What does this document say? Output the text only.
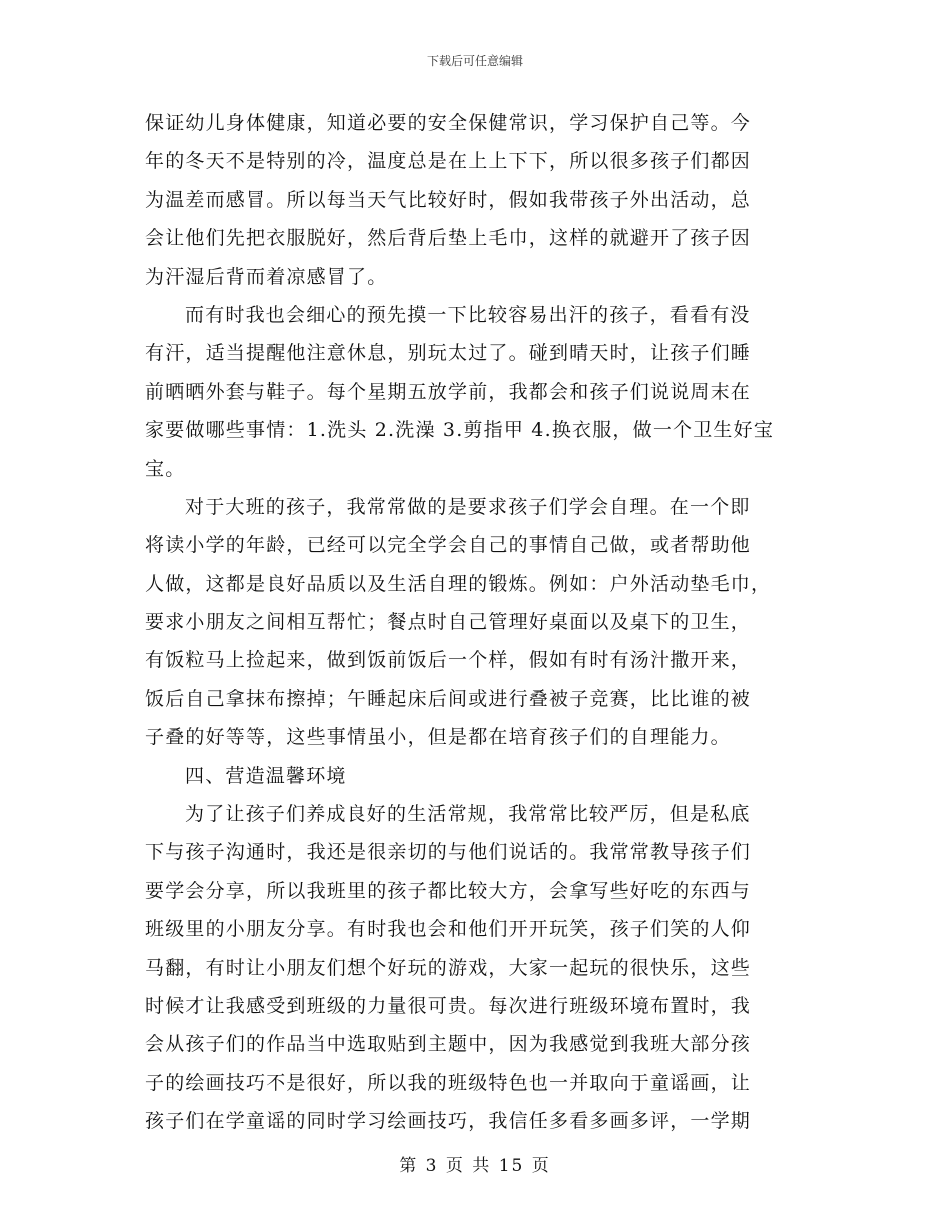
下载后可任意编辑
保证幼儿身体健康，知道必要的安全保健常识，学习保护自己等。今
年的冬天不是特别的冷，温度总是在上上下下，所以很多孩子们都因
为温差而感冒。所以每当天气比较好时，假如我带孩子外出活动，总
会让他们先把衣服脱好，然后背后垫上毛巾，这样的就避开了孩子因
为汗湿后背而着凉感冒了。
而有时我也会细心的预先摸一下比较容易出汗的孩子，看看有没
有汗，适当提醒他注意休息，别玩太过了。碰到晴天时，让孩子们睡
前晒晒外套与鞋子。每个星期五放学前，我都会和孩子们说说周末在
家要做哪些事情：1.洗头 2.洗澡 3.剪指甲 4.换衣服，做一个卫生好宝
宝。
对于大班的孩子，我常常做的是要求孩子们学会自理。在一个即
将读小学的年龄，已经可以完全学会自己的事情自己做，或者帮助他
人做，这都是良好品质以及生活自理的锻炼。例如：户外活动垫毛巾，
要求小朋友之间相互帮忙；餐点时自己管理好桌面以及桌下的卫生，
有饭粒马上捡起来，做到饭前饭后一个样，假如有时有汤汁撒开来，
饭后自己拿抹布擦掉；午睡起床后间或进行叠被子竞赛，比比谁的被
子叠的好等等，这些事情虽小，但是都在培育孩子们的自理能力。
四、营造温馨环境
为了让孩子们养成良好的生活常规，我常常比较严厉，但是私底
下与孩子沟通时，我还是很亲切的与他们说话的。我常常教导孩子们
要学会分享，所以我班里的孩子都比较大方，会拿写些好吃的东西与
班级里的小朋友分享。有时我也会和他们开开玩笑，孩子们笑的人仰
马翻，有时让小朋友们想个好玩的游戏，大家一起玩的很快乐，这些
时候才让我感受到班级的力量很可贵。每次进行班级环境布置时，我
会从孩子们的作品当中选取贴到主题中，因为我感觉到我班大部分孩
子的绘画技巧不是很好，所以我的班级特色也一并取向于童谣画，让
孩子们在学童谣的同时学习绘画技巧，我信任多看多画多评，一学期
第 3 页 共 15 页
